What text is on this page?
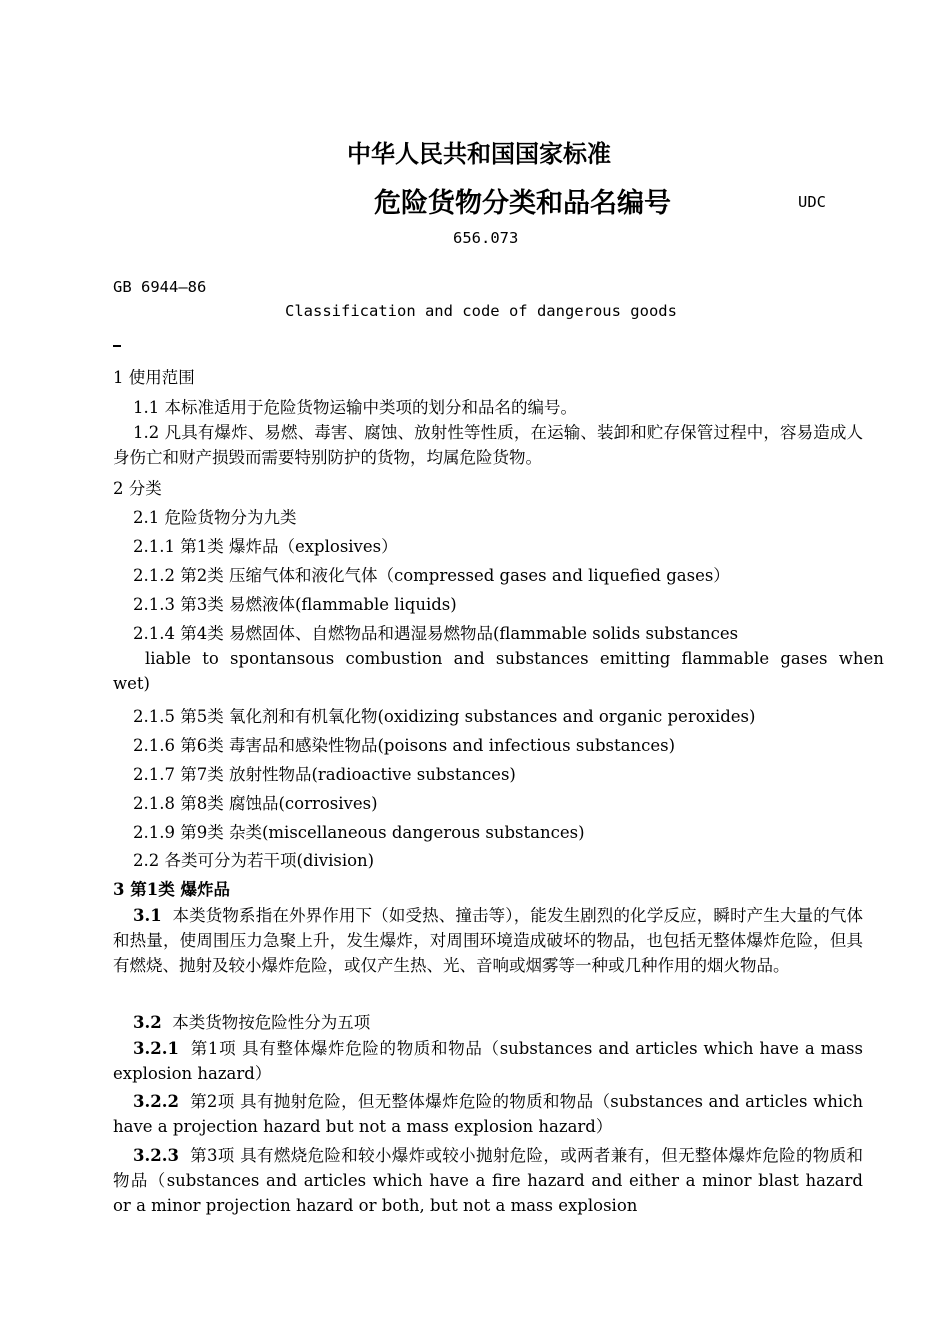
中华人民共和国国家标准
危险货物分类和品名编号	UDC
656.073
GB 6944—86
Classification and code of dangerous goods
1 使用范围
1.1 本标准适用于危险货物运输中类项的划分和品名的编号。
1.2 凡具有爆炸、易燃、毒害、腐蚀、放射性等性质，在运输、装卸和贮存保管过程中，容易造成人身伤亡和财产损毁而需要特别防护的货物，均属危险货物。
2 分类
2.1 危险货物分为九类
2.1.1 第1类 爆炸品（explosives）
2.1.2 第2类 压缩气体和液化气体（compressed gases and liquefied gases）
2.1.3 第3类 易燃液体(flammable liquids)
2.1.4 第4类 易燃固体、自燃物品和遇湿易燃物品(flammable solids substances
liable to spontansous combustion and substances emitting flammable gases when
wet)
2.1.5 第5类 氧化剂和有机氧化物(oxidizing substances and organic peroxides)
2.1.6 第6类 毒害品和感染性物品(poisons and infectious substances)
2.1.7 第7类 放射性物品(radioactive substances)
2.1.8 第8类 腐蚀品(corrosives)
2.1.9 第9类 杂类(miscellaneous dangerous substances)
2.2 各类可分为若干项(division)
3 第1类 爆炸品
3.1 本类货物系指在外界作用下（如受热、撞击等），能发生剧烈的化学反应，瞬时产生大量的气体和热量，使周围压力急聚上升，发生爆炸，对周围环境造成破坏的物品，也包括无整体爆炸危险，但具有燃烧、抛射及较小爆炸危险，或仅产生热、光、音响或烟雾等一种或几种作用的烟火物品。
3.2 本类货物按危险性分为五项
3.2.1 第1项 具有整体爆炸危险的物质和物品（substances and articles which have a mass explosion hazard）
3.2.2 第2项 具有抛射危险，但无整体爆炸危险的物质和物品（substances and articles which have a projection hazard but not a mass explosion hazard）
3.2.3 第3项 具有燃烧危险和较小爆炸或较小抛射危险，或两者兼有，但无整体爆炸危险的物质和物品（substances and articles which have a fire hazard and either a minor blast hazard or a minor projection hazard or both, but not a mass explosion
